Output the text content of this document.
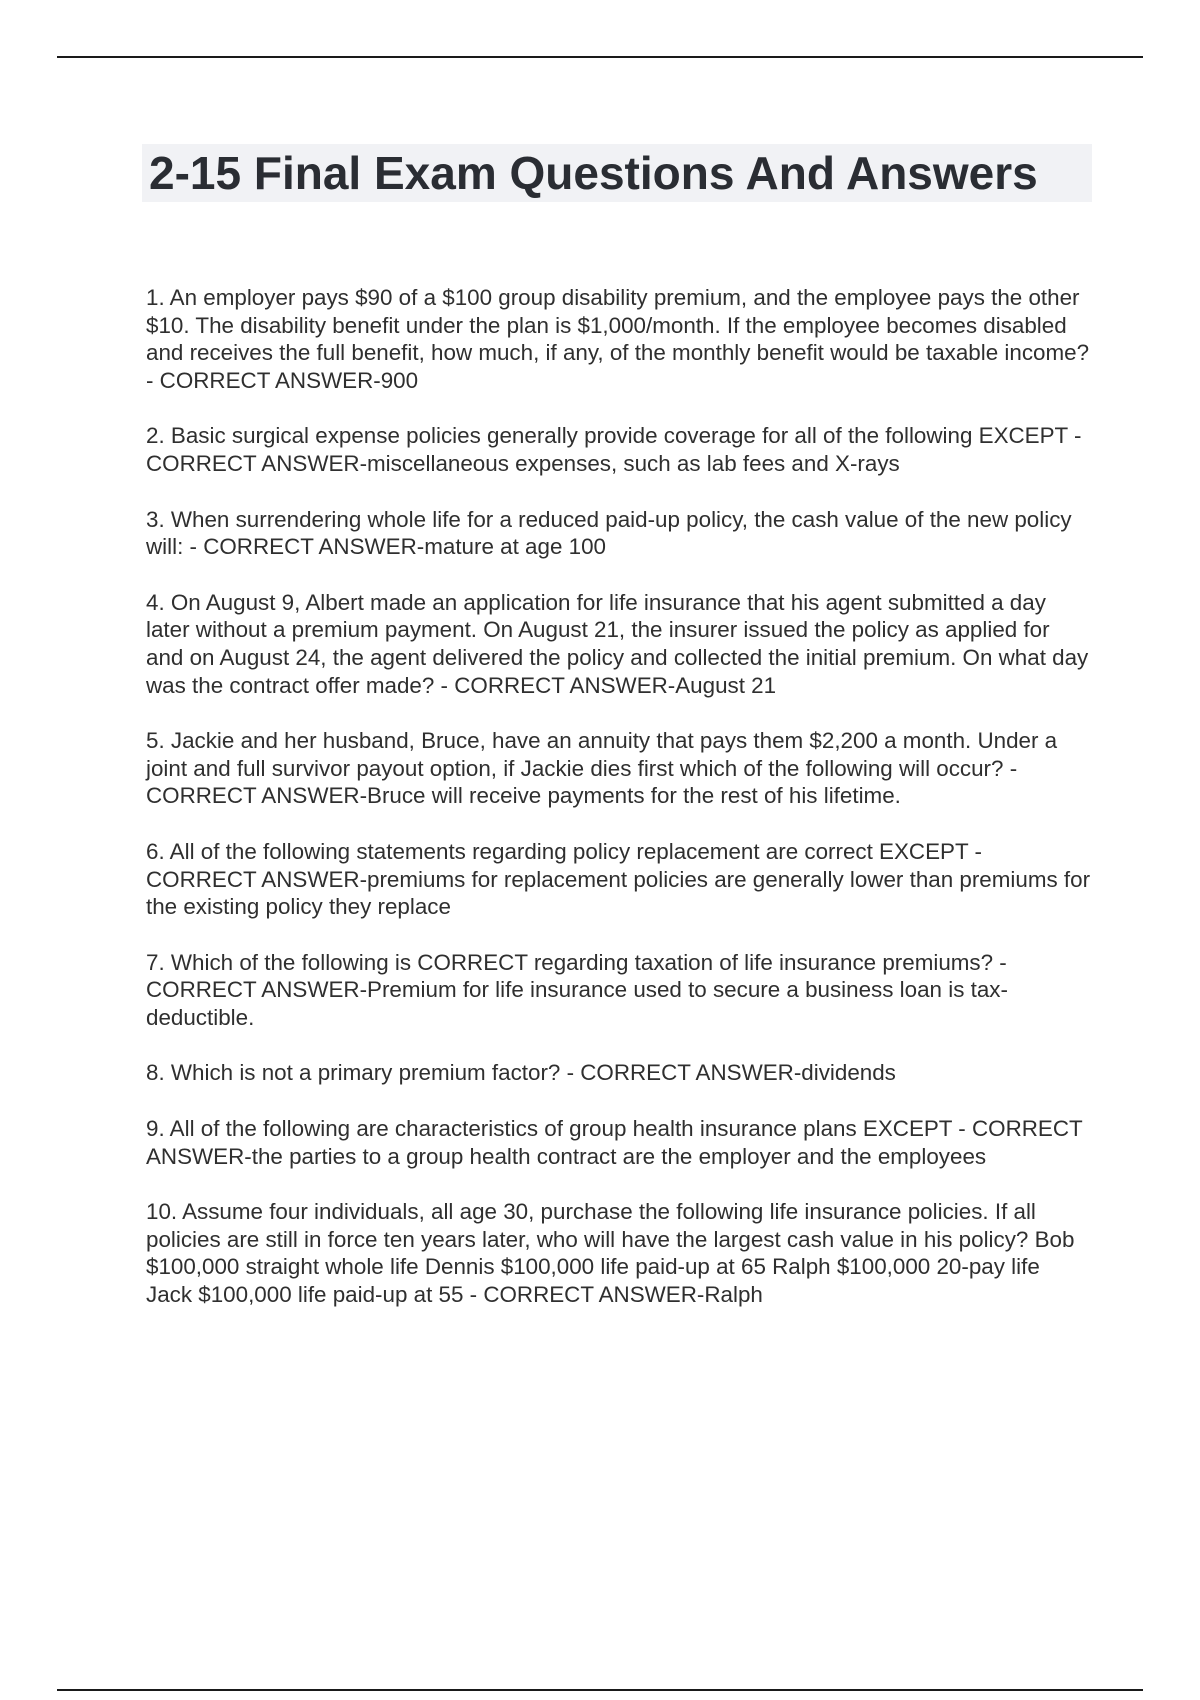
2-15 Final Exam Questions And Answers
1. An employer pays $90 of a $100 group disability premium, and the employee pays the other $10. The disability benefit under the plan is $1,000/month. If the employee becomes disabled and receives the full benefit, how much, if any, of the monthly benefit would be taxable income? - CORRECT ANSWER-900
2. Basic surgical expense policies generally provide coverage for all of the following EXCEPT - CORRECT ANSWER-miscellaneous expenses, such as lab fees and X-rays
3. When surrendering whole life for a reduced paid-up policy, the cash value of the new policy will: - CORRECT ANSWER-mature at age 100
4. On August 9, Albert made an application for life insurance that his agent submitted a day later without a premium payment. On August 21, the insurer issued the policy as applied for and on August 24, the agent delivered the policy and collected the initial premium. On what day was the contract offer made? - CORRECT ANSWER-August 21
5. Jackie and her husband, Bruce, have an annuity that pays them $2,200 a month. Under a joint and full survivor payout option, if Jackie dies first which of the following will occur? - CORRECT ANSWER-Bruce will receive payments for the rest of his lifetime.
6. All of the following statements regarding policy replacement are correct EXCEPT - CORRECT ANSWER-premiums for replacement policies are generally lower than premiums for the existing policy they replace
7. Which of the following is CORRECT regarding taxation of life insurance premiums? - CORRECT ANSWER-Premium for life insurance used to secure a business loan is tax-deductible.
8. Which is not a primary premium factor? - CORRECT ANSWER-dividends
9. All of the following are characteristics of group health insurance plans EXCEPT - CORRECT ANSWER-the parties to a group health contract are the employer and the employees
10. Assume four individuals, all age 30, purchase the following life insurance policies. If all policies are still in force ten years later, who will have the largest cash value in his policy? Bob $100,000 straight whole life Dennis $100,000 life paid-up at 65 Ralph $100,000 20-pay life Jack $100,000 life paid-up at 55 - CORRECT ANSWER-Ralph
